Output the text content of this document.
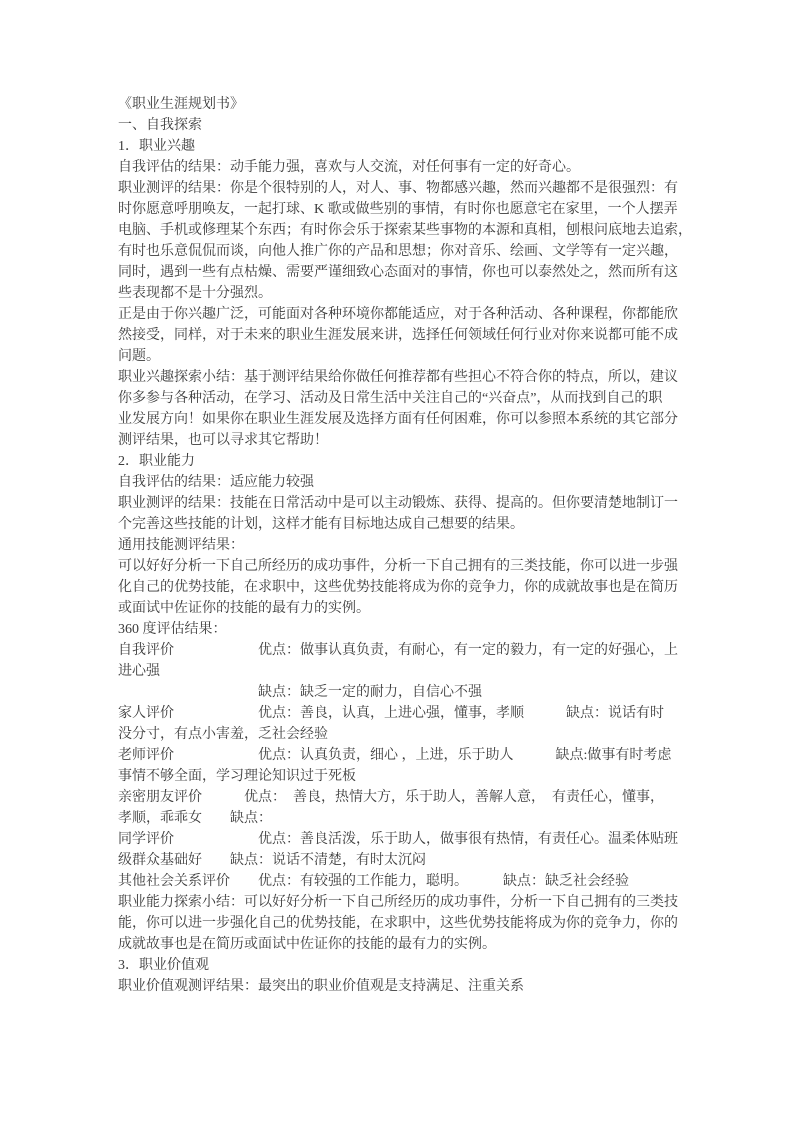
《职业生涯规划书》
一、自我探索
1．职业兴趣
自我评估的结果：动手能力强，喜欢与人交流，对任何事有一定的好奇心。
职业测评的结果：你是个很特别的人，对人、事、物都感兴趣，然而兴趣都不是很强烈：有
时你愿意呼朋唤友，一起打球、K 歌或做些别的事情，有时你也愿意宅在家里，一个人摆弄
电脑、手机或修理某个东西；有时你会乐于探索某些事物的本源和真相，刨根问底地去追索，
有时也乐意侃侃而谈，向他人推广你的产品和思想；你对音乐、绘画、文学等有一定兴趣，
同时，遇到一些有点枯燥、需要严谨细致心态面对的事情，你也可以泰然处之，然而所有这
些表现都不是十分强烈。
正是由于你兴趣广泛，可能面对各种环境你都能适应，对于各种活动、各种课程，你都能欣
然接受，同样，对于未来的职业生涯发展来讲，选择任何领域任何行业对你来说都可能不成
问题。
职业兴趣探索小结：基于测评结果给你做任何推荐都有些担心不符合你的特点，所以，建议
你多参与各种活动，在学习、活动及日常生活中关注自己的“兴奋点”，从而找到自己的职
业发展方向！如果你在职业生涯发展及选择方面有任何困难，你可以参照本系统的其它部分
测评结果，也可以寻求其它帮助！
2．职业能力
自我评估的结果：适应能力较强
职业测评的结果：技能在日常活动中是可以主动锻炼、获得、提高的。但你要清楚地制订一
个完善这些技能的计划，这样才能有目标地达成自己想要的结果。
通用技能测评结果：
可以好好分析一下自己所经历的成功事件，分析一下自己拥有的三类技能，你可以进一步强
化自己的优势技能，在求职中，这些优势技能将成为你的竞争力，你的成就故事也是在简历
或面试中佐证你的技能的最有力的实例。
360 度评估结果：
自我评价　　　　　　优点：做事认真负责，有耐心，有一定的毅力，有一定的好强心，上
进心强
　　　　　　　　　　缺点：缺乏一定的耐力，自信心不强
家人评价　　　　　　优点：善良，认真，上进心强，懂事，孝顺　　　缺点：说话有时
没分寸，有点小害羞，乏社会经验
老师评价　　　　　　优点：认真负责，细心 ，上进，乐于助人　　　缺点:做事有时考虑
事情不够全面，学习理论知识过于死板
亲密朋友评价　　　优点：　善良，热情大方，乐于助人，善解人意，　有责任心，懂事，
孝顺，乖乖女　　缺点：
同学评价　　　　　　优点：善良活泼，乐于助人，做事很有热情，有责任心。温柔体贴班
级群众基础好　　缺点：说话不清楚，有时太沉闷
其他社会关系评价　　优点：有较强的工作能力，聪明。　　　缺点：缺乏社会经验
职业能力探索小结：可以好好分析一下自己所经历的成功事件，分析一下自己拥有的三类技
能，你可以进一步强化自己的优势技能，在求职中，这些优势技能将成为你的竞争力，你的
成就故事也是在简历或面试中佐证你的技能的最有力的实例。
3．职业价值观
职业价值观测评结果：最突出的职业价值观是支持满足、注重关系
